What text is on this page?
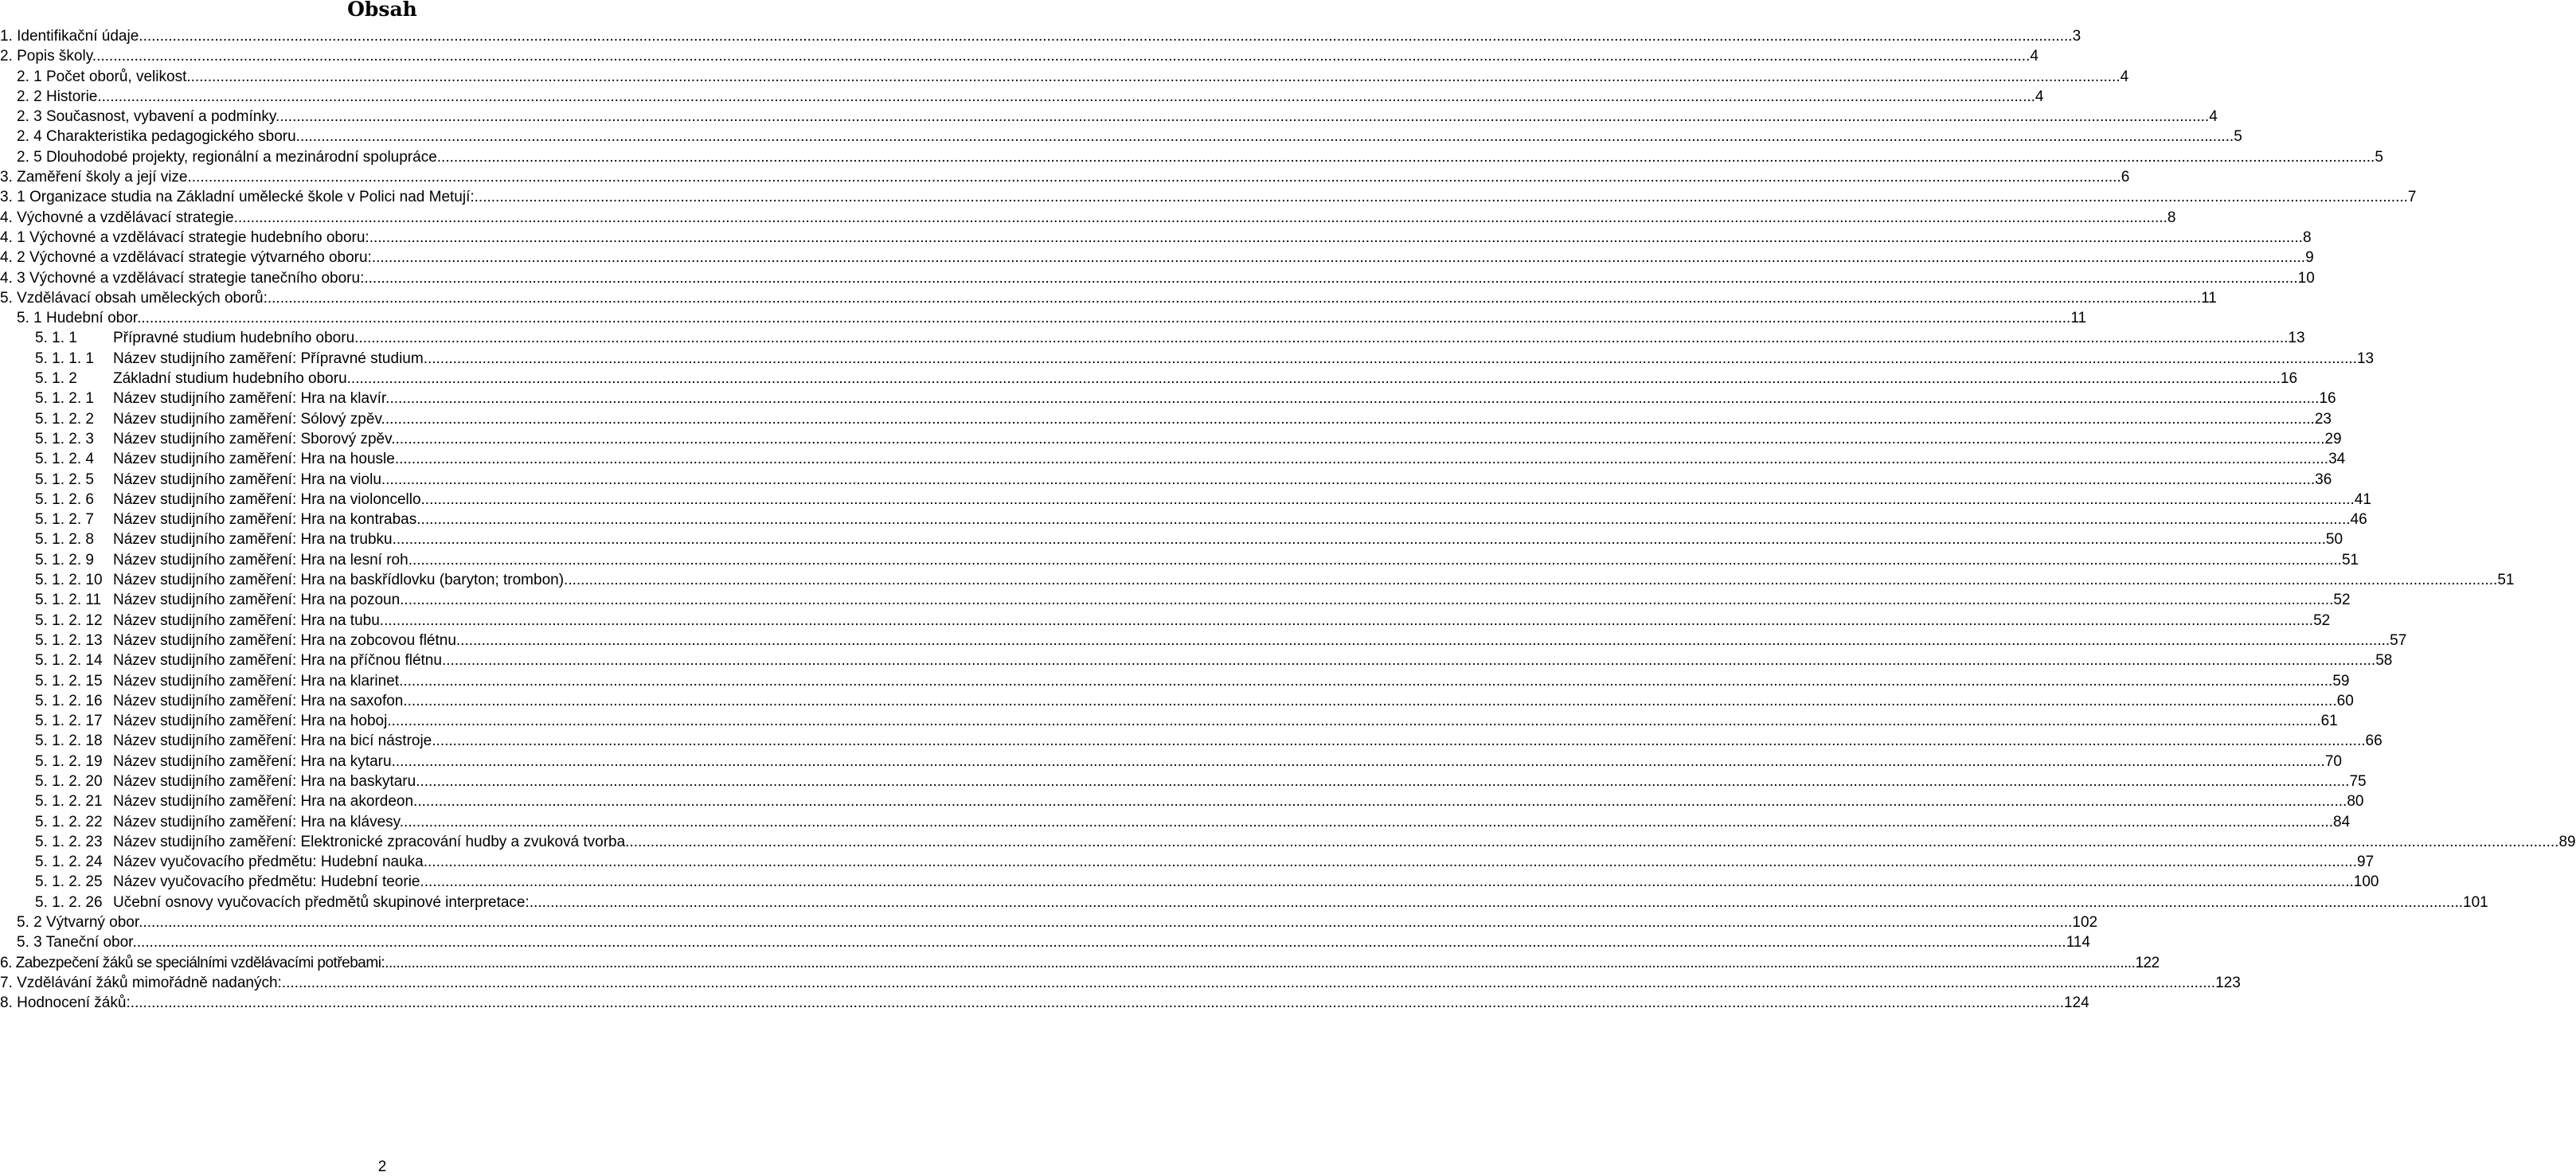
Obsah
1. Identifikační údaje .....	3
2. Popis školy. .....	4
2. 1 Počet oborů, velikost .....	4
2. 2 Historie. .....	4
2. 3 Současnost, vybavení a podmínky .....	4
2. 4 Charakteristika pedagogického sboru. .....	5
2. 5 Dlouhodobé projekty, regionální a mezinárodní spolupráce. .....	5
3. Zaměření školy a její vize .....	6
3. 1 Organizace studia na Základní umělecké škole v Polici nad Metují: .....	7
4. Výchovné a vzdělávací strategie .....	8
4. 1 Výchovné a vzdělávací strategie hudebního oboru: .....	8
4. 2 Výchovné a vzdělávací strategie výtvarného oboru: .....	9
4. 3 Výchovné a vzdělávací strategie tanečního oboru: .....	10
5. Vzdělávací obsah uměleckých oborů: .....	11
5. 1 Hudební obor .....	11
5. 1. 1 Přípravné studium hudebního oboru .....	13
5. 1. 1. 1 Název studijního zaměření: Přípravné studium .....	13
5. 1. 2 Základní studium hudebního oboru .....	16
5. 1. 2. 1 Název studijního zaměření: Hra na klavír .....	16
5. 1. 2. 2 Název studijního zaměření: Sólový zpěv .....	23
5. 1. 2. 3 Název studijního zaměření: Sborový zpěv .....	29
5. 1. 2. 4 Název studijního zaměření: Hra na housle .....	34
5. 1. 2. 5 Název studijního zaměření: Hra na violu .....	36
5. 1. 2. 6 Název studijního zaměření: Hra na violoncello .....	41
5. 1. 2. 7 Název studijního zaměření: Hra na kontrabas .....	46
5. 1. 2. 8 Název studijního zaměření: Hra na trubku .....	50
5. 1. 2. 9 Název studijního zaměření: Hra na lesní roh .....	51
5. 1. 2. 10 Název studijního zaměření: Hra na baskřídlovku (baryton; trombon) .....	51
5. 1. 2. 11 Název studijního zaměření: Hra na pozoun .....	52
5. 1. 2. 12 Název studijního zaměření: Hra na tubu .....	52
5. 1. 2. 13 Název studijního zaměření: Hra na zobcovou flétnu .....	57
5. 1. 2. 14 Název studijního zaměření: Hra na příčnou flétnu .....	58
5. 1. 2. 15 Název studijního zaměření: Hra na klarinet .....	59
5. 1. 2. 16 Název studijního zaměření: Hra na saxofon .....	60
5. 1. 2. 17 Název studijního zaměření: Hra na hoboj .....	61
5. 1. 2. 18 Název studijního zaměření: Hra na bicí nástroje .....	66
5. 1. 2. 19 Název studijního zaměření: Hra na kytaru .....	70
5. 1. 2. 20 Název studijního zaměření: Hra na baskytaru .....	75
5. 1. 2. 21 Název studijního zaměření: Hra na akordeon .....	80
5. 1. 2. 22 Název studijního zaměření: Hra na klávesy .....	84
5. 1. 2. 23 Název studijního zaměření: Elektronické zpracování hudby a zvuková tvorba .....	89
5. 1. 2. 24 Název vyučovacího předmětu: Hudební nauka .....	97
5. 1. 2. 25 Název vyučovacího předmětu: Hudební teorie .....	100
5. 1. 2. 26 Učební osnovy vyučovacích předmětů skupinové interpretace: .....	101
5. 2 Výtvarný obor .....	102
5. 3 Taneční obor .....	114
6. Zabezpečení žáků se speciálními vzdělávacími potřebami: .....	122
7. Vzdělávání žáků mimořádně nadaných: .....	123
8. Hodnocení žáků: .....	124
2
